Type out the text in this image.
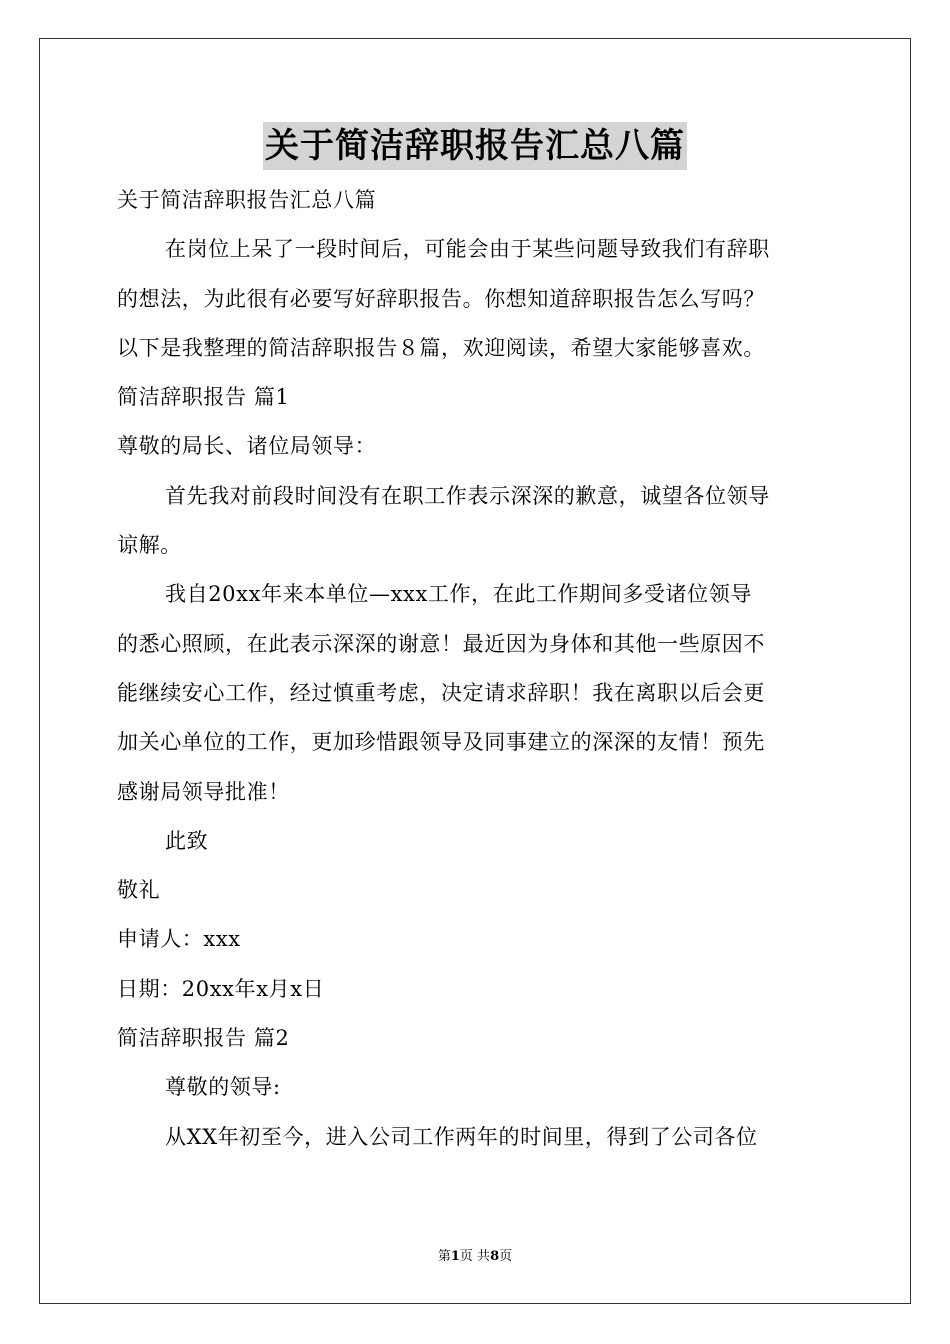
关于简洁辞职报告汇总八篇
关于简洁辞职报告汇总八篇
在岗位上呆了一段时间后，可能会由于某些问题导致我们有辞职
的想法，为此很有必要写好辞职报告。你想知道辞职报告怎么写吗？
以下是我整理的简洁辞职报告８篇，欢迎阅读，希望大家能够喜欢。
简洁辞职报告 篇1
尊敬的局长、诸位局领导：
首先我对前段时间没有在职工作表示深深的歉意，诚望各位领导
谅解。
我自20xx年来本单位—xxx工作，在此工作期间多受诸位领导
的悉心照顾，在此表示深深的谢意！最近因为身体和其他一些原因不
能继续安心工作，经过慎重考虑，决定请求辞职！我在离职以后会更
加关心单位的工作，更加珍惜跟领导及同事建立的深深的友情！预先
感谢局领导批准！
此致
敬礼
申请人：xxx
日期：20xx年x月x日
简洁辞职报告 篇2
尊敬的领导:
从XX年初至今，进入公司工作两年的时间里，得到了公司各位
第1页 共8页
